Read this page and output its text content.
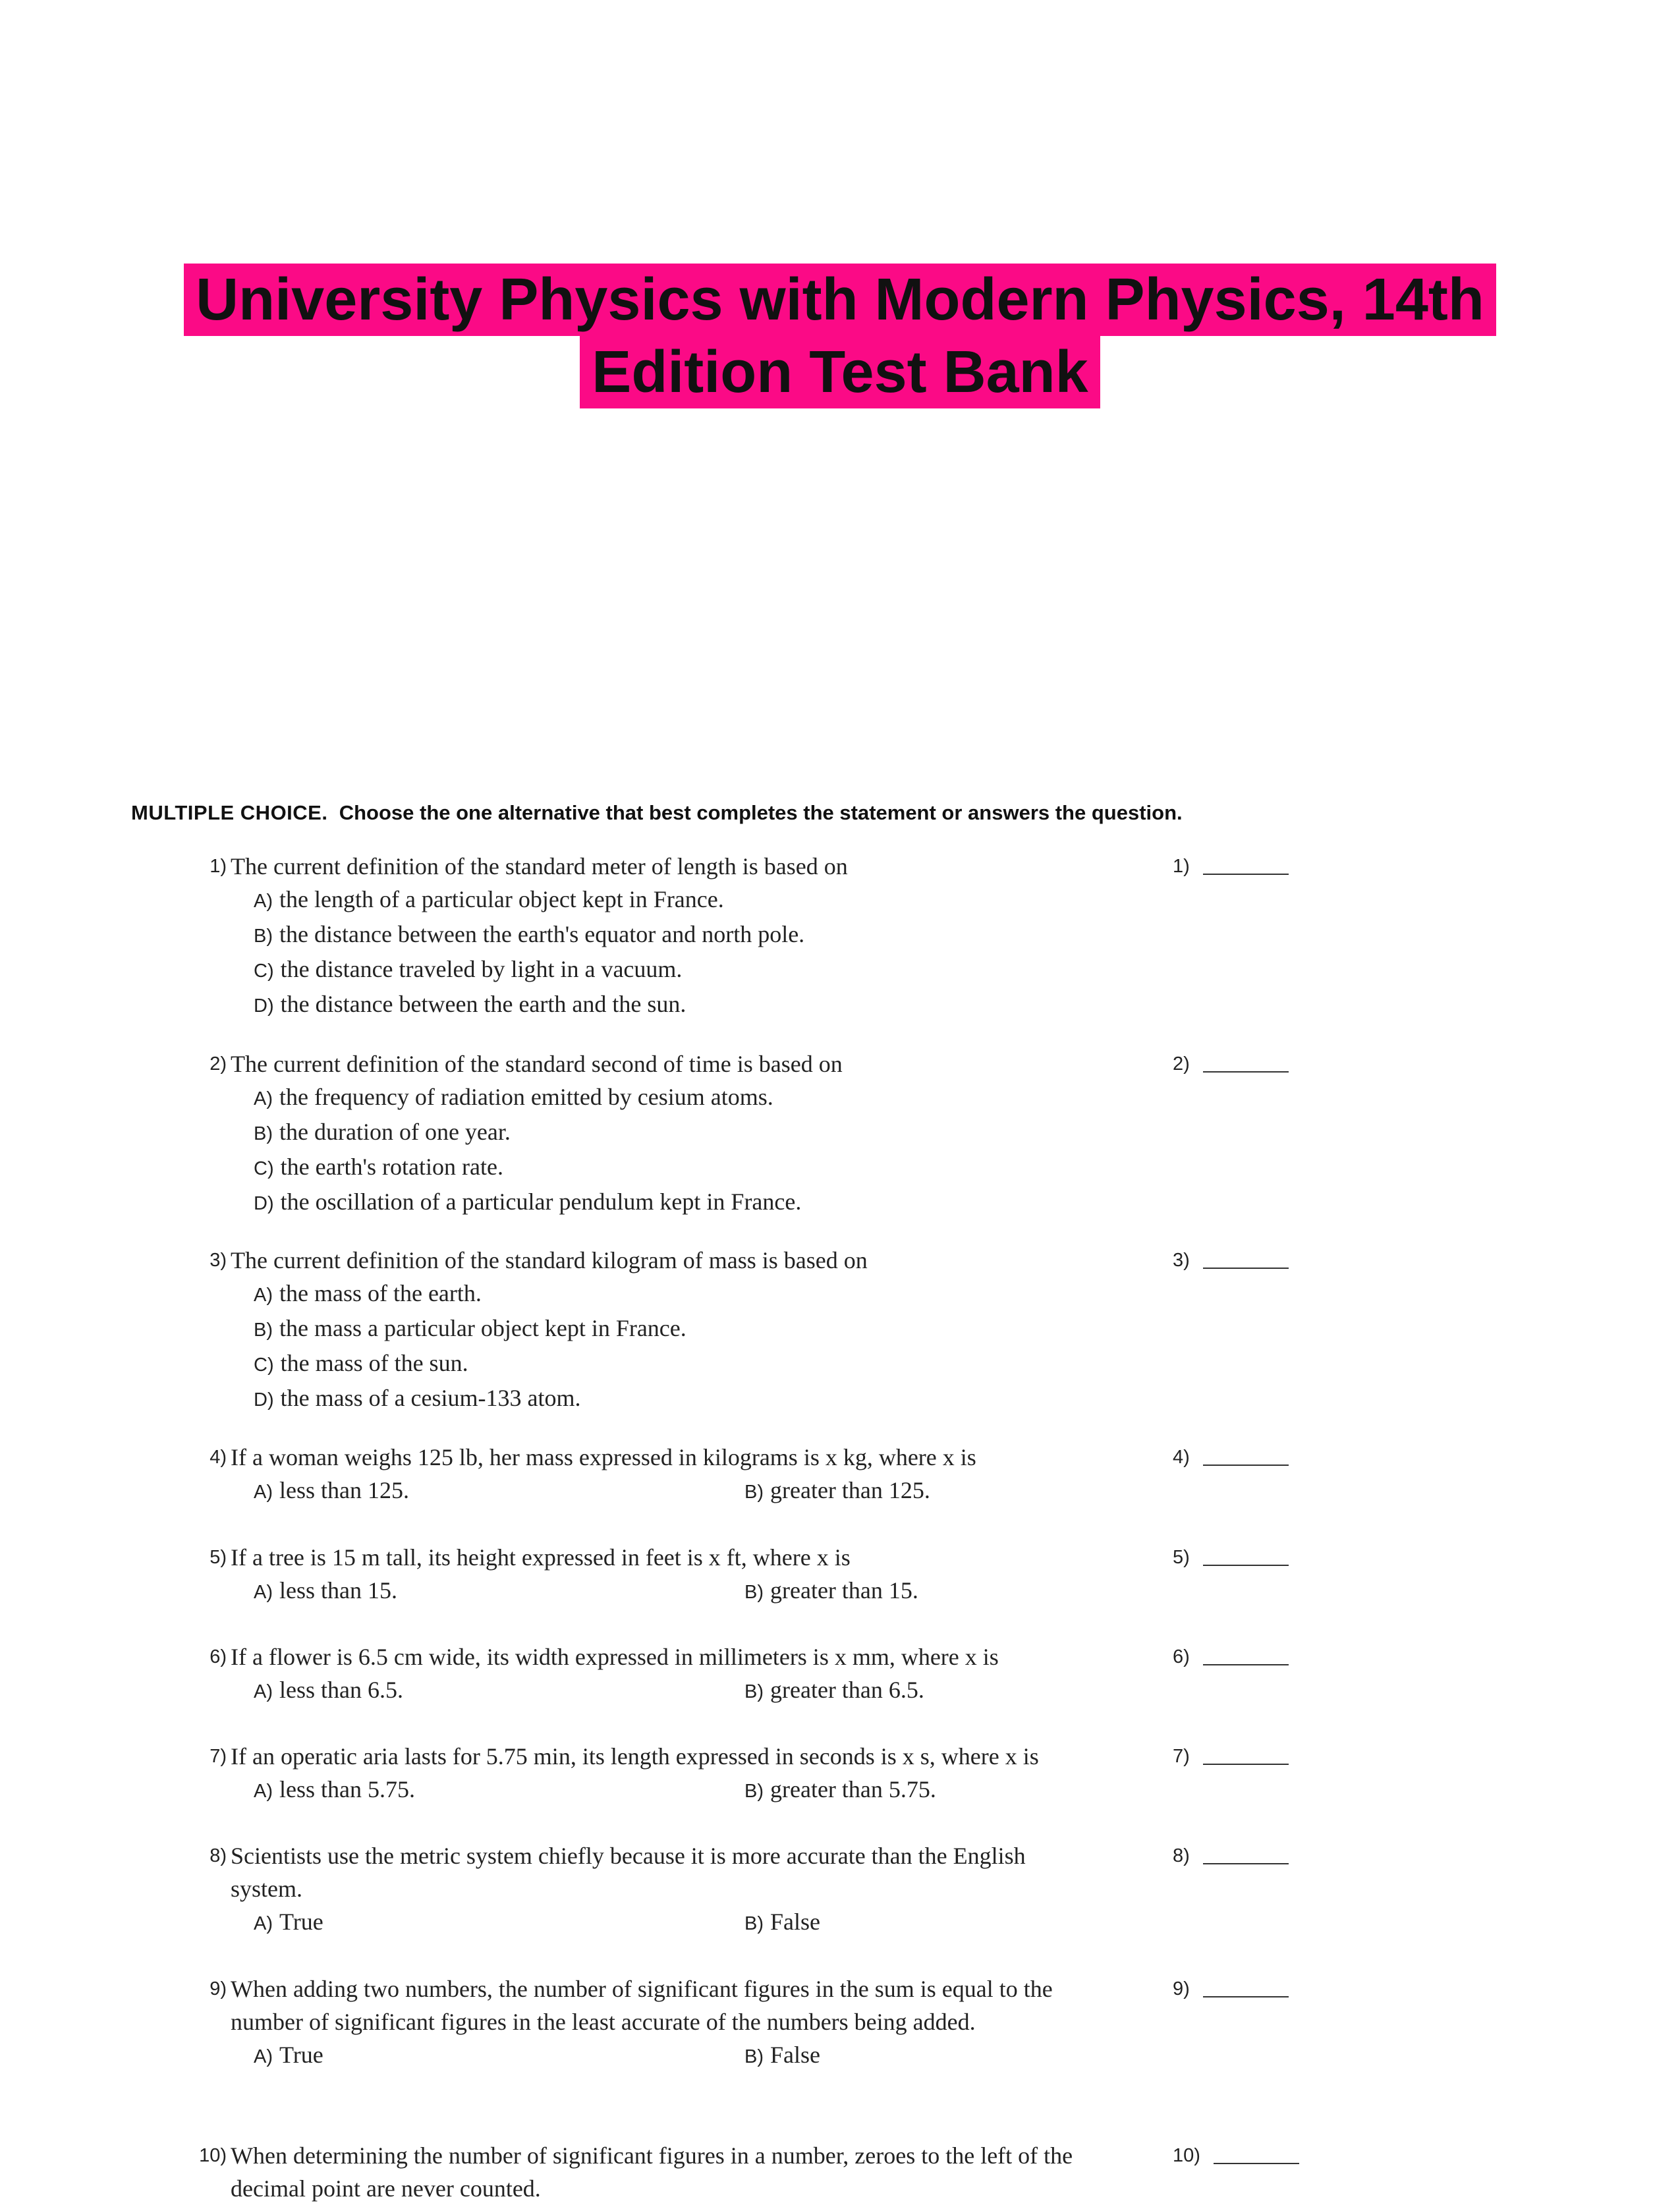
University Physics with Modern Physics, 14th
Edition Test Bank
MULTIPLE CHOICE. Choose the one alternative that best completes the statement or answers the question.
1) The current definition of the standard meter of length is based on	1)
A) the length of a particular object kept in France.
B) the distance between the earth's equator and north pole.
C) the distance traveled by light in a vacuum.
D) the distance between the earth and the sun.
2) The current definition of the standard second of time is based on	2)
A) the frequency of radiation emitted by cesium atoms.
B) the duration of one year.
C) the earth's rotation rate.
D) the oscillation of a particular pendulum kept in France.
3) The current definition of the standard kilogram of mass is based on	3)
A) the mass of the earth.
B) the mass a particular object kept in France.
C) the mass of the sun.
D) the mass of a cesium-133 atom.
4) If a woman weighs 125 lb, her mass expressed in kilograms is x kg, where x is	4)
A) less than 125.	B) greater than 125.
5) If a tree is 15 m tall, its height expressed in feet is x ft, where x is	5)
A) less than 15.	B) greater than 15.
6) If a flower is 6.5 cm wide, its width expressed in millimeters is x mm, where x is	6)
A) less than 6.5.	B) greater than 6.5.
7) If an operatic aria lasts for 5.75 min, its length expressed in seconds is x s, where x is	7)
A) less than 5.75.	B) greater than 5.75.
8) Scientists use the metric system chiefly because it is more accurate than the English
system.
8)
A) True	B) False
9) When adding two numbers, the number of significant figures in the sum is equal to the
number of significant figures in the least accurate of the numbers being added.
9)
A) True	B) False
10) When determining the number of significant figures in a number, zeroes to the left of the
decimal point are never counted.
10)
